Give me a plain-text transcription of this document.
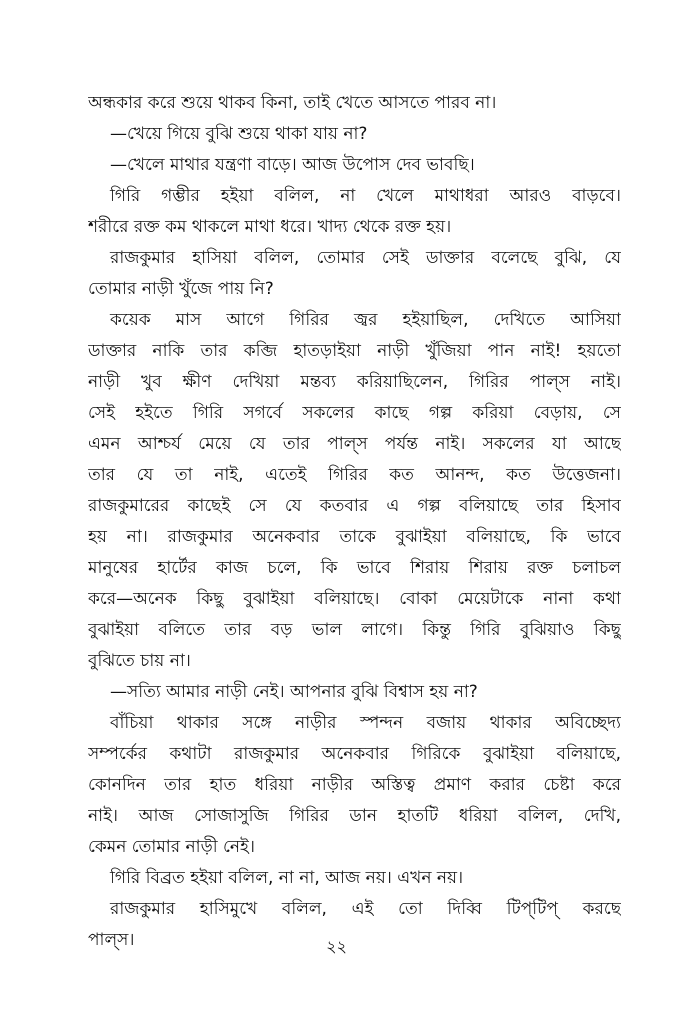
অন্ধকার করে শুয়ে থাকব কিনা, তাই খেতে আসতে পারব না।
—খেয়ে গিয়ে বুঝি শুয়ে থাকা যায় না?
—খেলে মাথার যন্ত্রণা বাড়ে। আজ উপোস দেব ভাবছি।
গিরি গম্ভীর হইয়া বলিল, না খেলে মাথাধরা আরও বাড়বে।
শরীরে রক্ত কম থাকলে মাথা ধরে। খাদ্য থেকে রক্ত হয়।
রাজকুমার হাসিয়া বলিল, তোমার সেই ডাক্তার বলেছে বুঝি, যে
তোমার নাড়ী খুঁজে পায় নি?
কয়েক মাস আগে গিরির জ্বর হইয়াছিল, দেখিতে আসিয়া
ডাক্তার নাকি তার কব্জি হাতড়াইয়া নাড়ী খুঁজিয়া পান নাই! হয়তো
নাড়ী খুব ক্ষীণ দেখিয়া মন্তব্য করিয়াছিলেন, গিরির পাল্‌স নাই।
সেই হইতে গিরি সগর্বে সকলের কাছে গল্প করিয়া বেড়ায়, সে
এমন আশ্চর্য মেয়ে যে তার পাল্‌স পর্যন্ত নাই। সকলের যা আছে
তার যে তা নাই, এতেই গিরির কত আনন্দ, কত উত্তেজনা।
রাজকুমারের কাছেই সে যে কতবার এ গল্প বলিয়াছে তার হিসাব
হয় না। রাজকুমার অনেকবার তাকে বুঝাইয়া বলিয়াছে, কি ভাবে
মানুষের হার্টের কাজ চলে, কি ভাবে শিরায় শিরায় রক্ত চলাচল
করে—অনেক কিছু বুঝাইয়া বলিয়াছে। বোকা মেয়েটাকে নানা কথা
বুঝাইয়া বলিতে তার বড় ভাল লাগে। কিন্তু গিরি বুঝিয়াও কিছু
বুঝিতে চায় না।
—সত্যি আমার নাড়ী নেই। আপনার বুঝি বিশ্বাস হয় না?
বাঁচিয়া থাকার সঙ্গে নাড়ীর স্পন্দন বজায় থাকার অবিচ্ছেদ্য
সম্পর্কের কথাটা রাজকুমার অনেকবার গিরিকে বুঝাইয়া বলিয়াছে,
কোনদিন তার হাত ধরিয়া নাড়ীর অস্তিত্ব প্রমাণ করার চেষ্টা করে
নাই। আজ সোজাসুজি গিরির ডান হাতটি ধরিয়া বলিল, দেখি,
কেমন তোমার নাড়ী নেই।
গিরি বিব্রত হইয়া বলিল, না না, আজ নয়। এখন নয়।
রাজকুমার হাসিমুখে বলিল, এই তো দিব্বি টিপ্‌টিপ্‌ করছে
পাল্‌স।	২২
